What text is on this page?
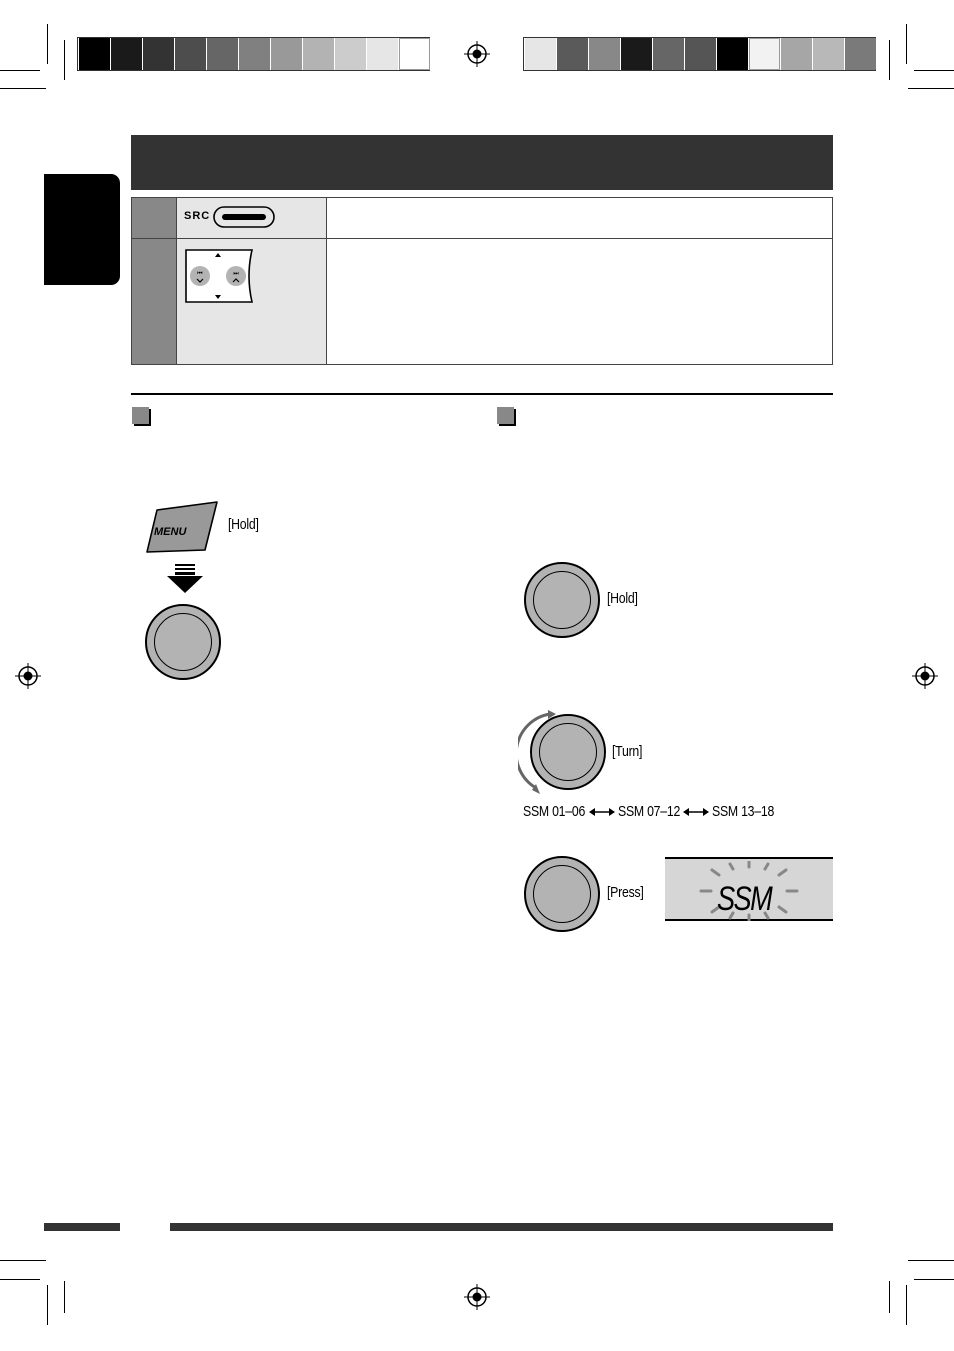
	SRC	

⏮ ⏭	

MENU	[Hold]
[Hold]
[Turn]
SSM 01–06 SSM 07–12 SSM 13–18
[Press] SSM
